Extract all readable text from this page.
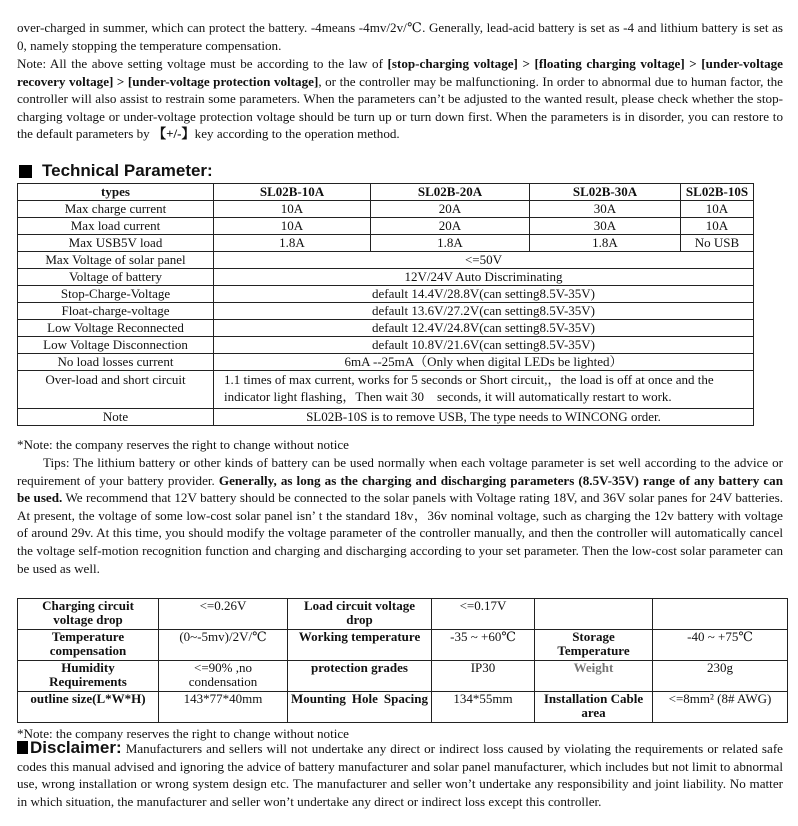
over-charged in summer, which can protect the battery. -4means -4mv/2v/℃. Generally, lead-acid battery is set as -4 and lithium battery is set as 0, namely stopping the temperature compensation.

Note: All the above setting voltage must be according to the law of [stop-charging voltage] > [floating charging voltage] > [under-voltage recovery voltage] > [under-voltage protection voltage], or the controller may be malfunctioning. In order to abnormal due to human factor, the controller will also assist to restrain some parameters. When the parameters can’t be adjusted to the wanted result, please check whether the stop-charging voltage or under-voltage protection voltage should be turn up or turn down first. When the parameters is in disorder, you can restore to the default parameters by 【+/-】key according to the operation method.

Technical Parameter:
types	SL02B-10A	SL02B-20A	SL02B-30A	SL02B-10S
Max charge current	10A	20A	30A	10A
Max load current	10A	20A	30A	10A
Max USB5V load	1.8A	1.8A	1.8A	No USB
Max Voltage of solar panel	<=50V			
Voltage of battery	12V/24V Auto Discriminating			
Stop-Charge-Voltage	default 14.4V/28.8V(can setting8.5V-35V)			
Float-charge-voltage	default 13.6V/27.2V(can setting8.5V-35V)			
Low Voltage Reconnected	default 12.4V/24.8V(can setting8.5V-35V)			
Low Voltage Disconnection	default 10.8V/21.6V(can setting8.5V-35V)			
No load losses current	6mA --25mA（Only when digital LEDs be lighted）			
Over-load and short circuit	1.1 times of max current, works for 5 seconds or Short circuit,，the load is off at once and the indicator light flashing，Then wait 30　seconds, it will automatically restart to work.			
Note	SL02B-10S is to remove USB, The type needs to WINCONG order.			
*Note: the company reserves the right to change without notice

Tips: The lithium battery or other kinds of battery can be used normally when each voltage parameter is set well according to the advice or requirement of your battery provider. Generally, as long as the charging and discharging parameters (8.5V-35V) range of any battery can be used. We recommend that 12V battery should be connected to the solar panels with Voltage rating 18V, and 36V solar panes for 24V batteries. At present, the voltage of some low-cost solar panel isn’ t the standard 18v，36v nominal voltage, such as charging the 12v battery with voltage of around 29v. At this time, you should modify the voltage parameter of the controller manually, and then the controller will automatically cancel the voltage self-motion recognition function and charging and discharging according to your set parameter. Then the low-cost solar parameter can be used as well.

Charging circuit voltage drop	<=0.26V	Load circuit voltage drop	<=0.17V		
Temperature compensation	(0~-5mv)/2V/℃	Working temperature	-35 ~ +60℃	Storage Temperature	-40 ~ +75℃
Humidity Requirements	<=90% ,no condensation	protection grades	IP30	Weight	230g
outline size(L*W*H)	143*77*40mm	Mounting Hole Spacing	134*55mm	Installation Cable area	<=8mm² (8# AWG)
*Note: the company reserves the right to change without notice

Disclaimer: Manufacturers and sellers will not undertake any direct or indirect loss caused by violating the requirements or related safe codes this manual advised and ignoring the advice of battery manufacturer and solar panel manufacturer, which includes but not limit to abnormal use, wrong installation or wrong system design etc. The manufacturer and seller won’t undertake any responsibility and joint liability. No matter in which situation, the manufacturer and seller won’t undertake any direct or indirect loss except this controller.
